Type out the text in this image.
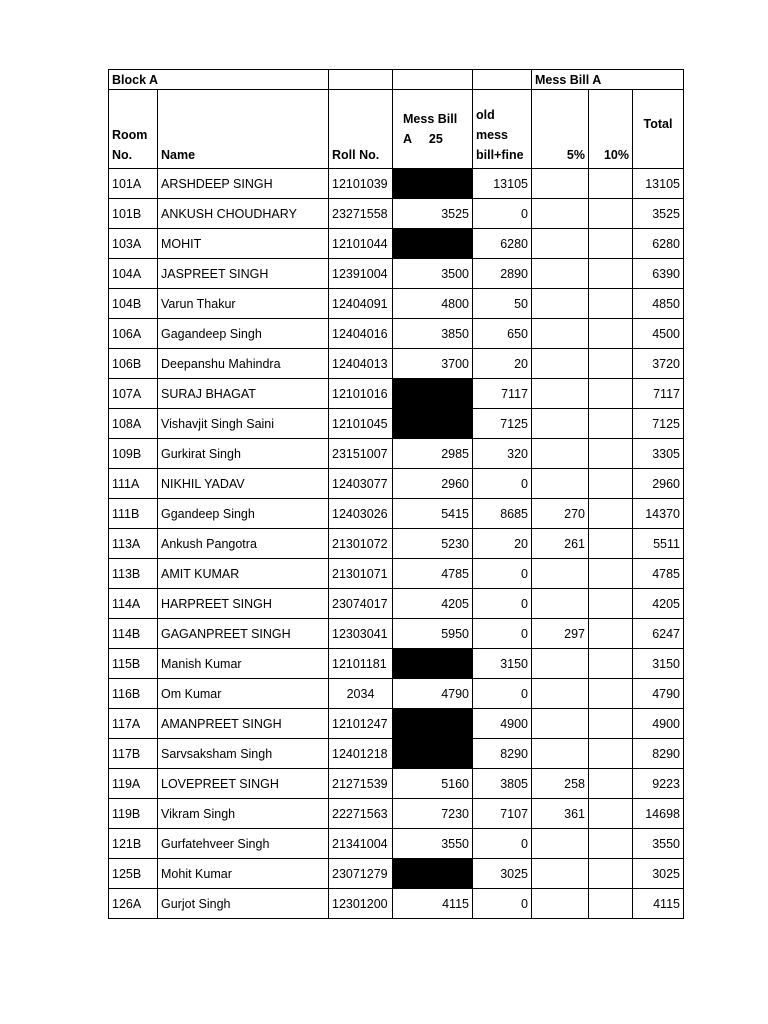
Block A					Mess Bill A		
Room No.	Name	Roll No.	Mess Bill A     25	old mess bill+fine	5%	10%	Total
101A	ARSHDEEP SINGH	12101039		13105			13105
101B	ANKUSH CHOUDHARY	23271558	3525	0			3525
103A	MOHIT	12101044		6280			6280
104A	JASPREET SINGH	12391004	3500	2890			6390
104B	Varun Thakur	12404091	4800	50			4850
106A	Gagandeep Singh	12404016	3850	650			4500
106B	Deepanshu Mahindra	12404013	3700	20			3720
107A	SURAJ BHAGAT	12101016		7117			7117
108A	Vishavjit Singh Saini	12101045		7125			7125
109B	Gurkirat Singh	23151007	2985	320			3305
111A	NIKHIL YADAV	12403077	2960	0			2960
111B	Ggandeep Singh	12403026	5415	8685	270		14370
113A	Ankush Pangotra	21301072	5230	20	261		5511
113B	AMIT KUMAR	21301071	4785	0			4785
114A	HARPREET SINGH	23074017	4205	0			4205
114B	GAGANPREET SINGH	12303041	5950	0	297		6247
115B	Manish Kumar	12101181		3150			3150
116B	Om Kumar	2034	4790	0			4790
117A	AMANPREET SINGH	12101247		4900			4900
117B	Sarvsaksham Singh	12401218		8290			8290
119A	LOVEPREET SINGH	21271539	5160	3805	258		9223
119B	Vikram Singh	22271563	7230	7107	361		14698
121B	Gurfatehveer Singh	21341004	3550	0			3550
125B	Mohit Kumar	23071279		3025			3025
126A	Gurjot Singh	12301200	4115	0			4115
